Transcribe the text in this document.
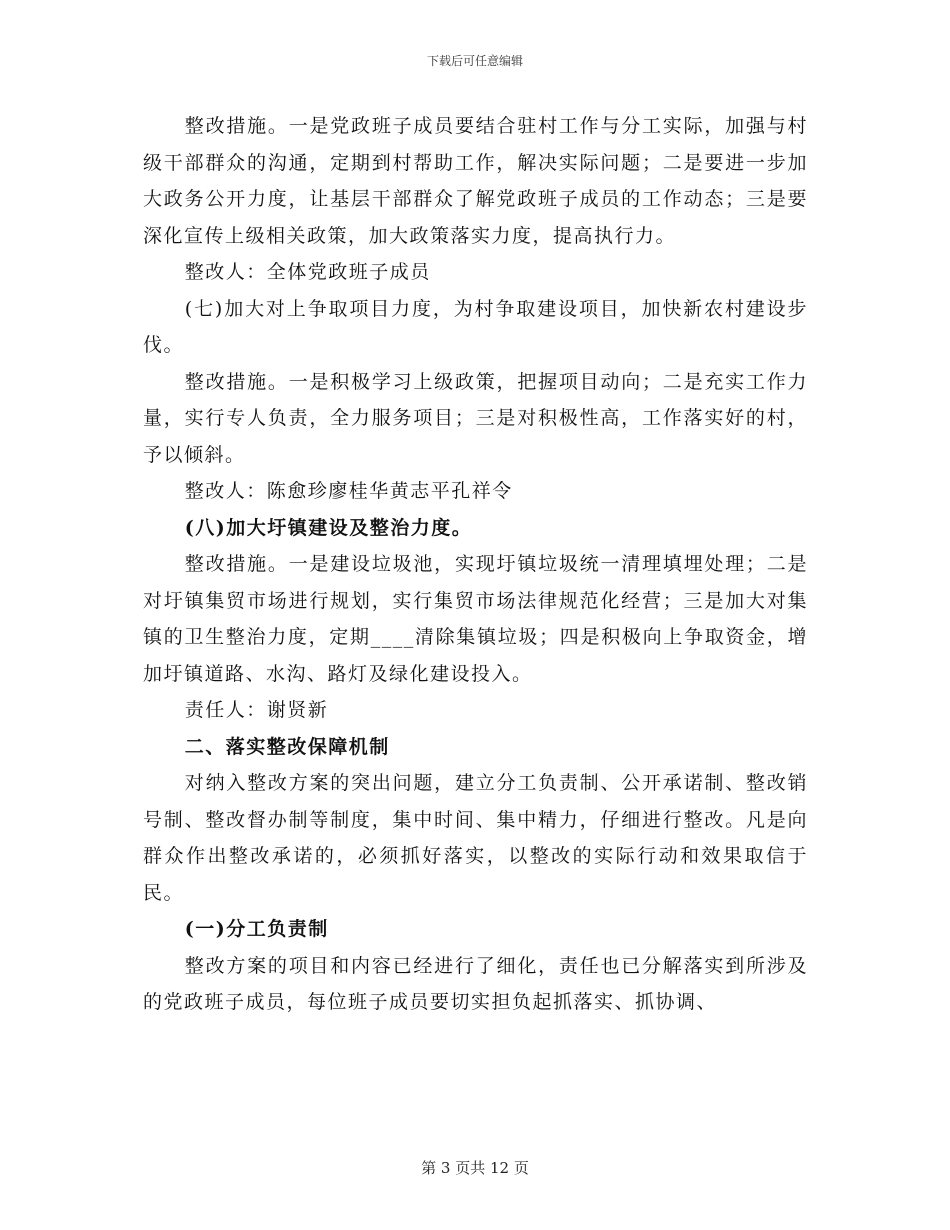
下载后可任意编辑

整改措施。一是党政班子成员要结合驻村工作与分工实际，加强与村级干部群众的沟通，定期到村帮助工作，解决实际问题；二是要进一步加大政务公开力度，让基层干部群众了解党政班子成员的工作动态；三是要深化宣传上级相关政策，加大政策落实力度，提高执行力。

整改人：全体党政班子成员

(七)加大对上争取项目力度，为村争取建设项目，加快新农村建设步伐。

整改措施。一是积极学习上级政策，把握项目动向；二是充实工作力量，实行专人负责，全力服务项目；三是对积极性高，工作落实好的村，予以倾斜。

整改人：陈愈珍廖桂华黄志平孔祥令

(八)加大圩镇建设及整治力度。

整改措施。一是建设垃圾池，实现圩镇垃圾统一清理填埋处理；二是对圩镇集贸市场进行规划，实行集贸市场法律规范化经营；三是加大对集镇的卫生整治力度，定期____清除集镇垃圾；四是积极向上争取资金，增加圩镇道路、水沟、路灯及绿化建设投入。

责任人：谢贤新

二、落实整改保障机制

对纳入整改方案的突出问题，建立分工负责制、公开承诺制、整改销号制、整改督办制等制度，集中时间、集中精力，仔细进行整改。凡是向群众作出整改承诺的，必须抓好落实，以整改的实际行动和效果取信于民。

(一)分工负责制

整改方案的项目和内容已经进行了细化，责任也已分解落实到所涉及的党政班子成员，每位班子成员要切实担负起抓落实、抓协调、

第 3 页共 12 页
